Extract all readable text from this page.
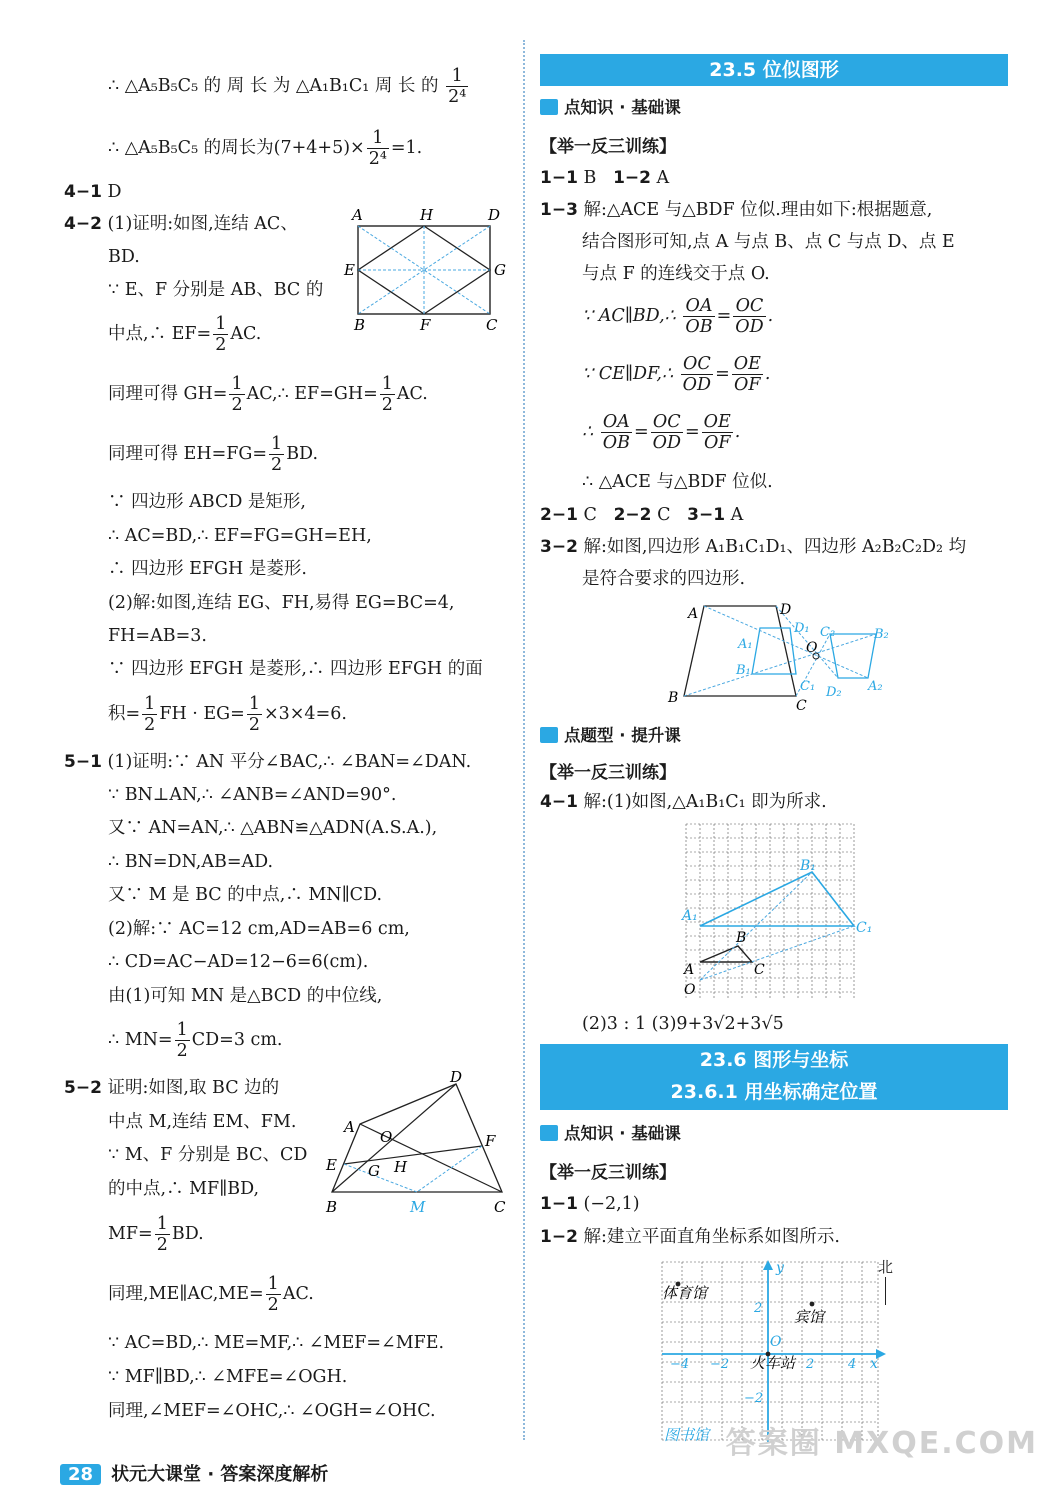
∴ △A₅B₅C₅ 的 周 长 为 △A₁B₁C₁ 周 长 的 $\frac{1}{\text{2⁴}}$
∴ △A₅B₅C₅ 的周长为$(7+4+5)\times \frac{1}{\text{2⁴}} =1$.
4−1 D
4−2 (1)证明:如图,连结 AC、
BD.
∵ E、F 分别是 AB、BC 的
中点,∴ $EF= \frac{1}{2}$ AC.
同理可得 $GH= \frac{1}{2}$ AC,∴ $EF=GH= \frac{1}{2}$ AC.
同理可得 $EH=FG= \frac{1}{2}$ BD.
∵ 四边形 ABCD 是矩形,
∴ AC=BD,∴ EF=FG=GH=EH,
∴ 四边形 EFGH 是菱形.
(2)解:如图,连结 EG、FH,易得 EG=BC=4,
FH=AB=3.
∵ 四边形 EFGH 是菱形,∴ 四边形 EFGH 的面
积= $\frac{1}{2}$ FH · $EG= \frac{1}{2} \times 3\times 4=6$.
5−1 (1)证明:∵ AN 平分∠BAC,∴ ∠BAN=∠DAN.
∵ BN⊥AN,∴ ∠ANB=∠AND=90°.
又∵ AN=AN,∴ △ABN≌△ADN(A.S.A.),
∴ BN=DN,AB=AD.
又∵ M 是 BC 的中点,∴ MN∥CD.
(2)解:∵ AC=12 cm,AD=AB=6 cm,
∴ CD=AC−AD=12−6=6(cm).
由(1)可知 MN 是△BCD 的中位线,
∴ $MN= \frac{1}{2} CD=3$ cm.
5−2 证明:如图,取 BC 边的
中点 M,连结 EM、FM.
∵ M、F 分别是 BC、CD
的中点,∴ MF∥BD,
$MF= \frac{1}{2}$ BD.
同理,ME∥AC,ME= $\frac{1}{2}$ AC.
∵ AC=BD,∴ ME=MF,∴ ∠MEF=∠MFE.
∵ MF∥BD,∴ ∠MFE=∠OGH.
同理,∠MEF=∠OHC,∴ ∠OGH=∠OHC.
A	H	D
E	G
B	F	C
D
A
O	F
E G H
B	M	C
23.5 位似图形
点知识 · 基础课
【举一反三训练】
1−1 B 1−2 A
1−3 解:△ACE 与△BDF 位似.理由如下:根据题意,
结合图形可知,点 A 与点 B、点 C 与点 D、点 E
与点 F 的连线交于点 O.
∵ AC∥BD,∴ $\frac{OA}{OB} = \frac{OC}{OD}$ .
∵ CE∥DF,∴ $\frac{OC}{OD} = \frac{OE}{OF}$ .
∴ $\frac{OA}{OB} = \frac{OC}{OD} = \frac{OE}{OF}$ .
∴ △ACE 与△BDF 位似.
2−1 C 2−2 C 3−1 A
3−2 解:如图,四边形 A₁B₁C₁D₁、四边形 A₂B₂C₂D₂ 均
是符合要求的四边形.
A	D
A₁
D₁
O
C₂	B₂
B₁
C₁ D₂ A₂
B	C
点题型 · 提升课
【举一反三训练】
4−1 解:(1)如图,△A₁B₁C₁ 即为所求.
B₁
A₁
C₁
B
A	C
O
(2)3 : 1 (3)9+3√2+3√5
23.6 图形与坐标
23.6.1 用坐标确定位置
点知识 · 基础课
【举一反三训练】
1−1 (−2,1)
1−2 解:建立平面直角坐标系如图所示.
体育馆
宾馆
火车站
图书馆
y
x
O
2	4
−2
−4
2
−2
北
28 状元大课堂 · 答案深度解析
答案圈 MXQE.COM
